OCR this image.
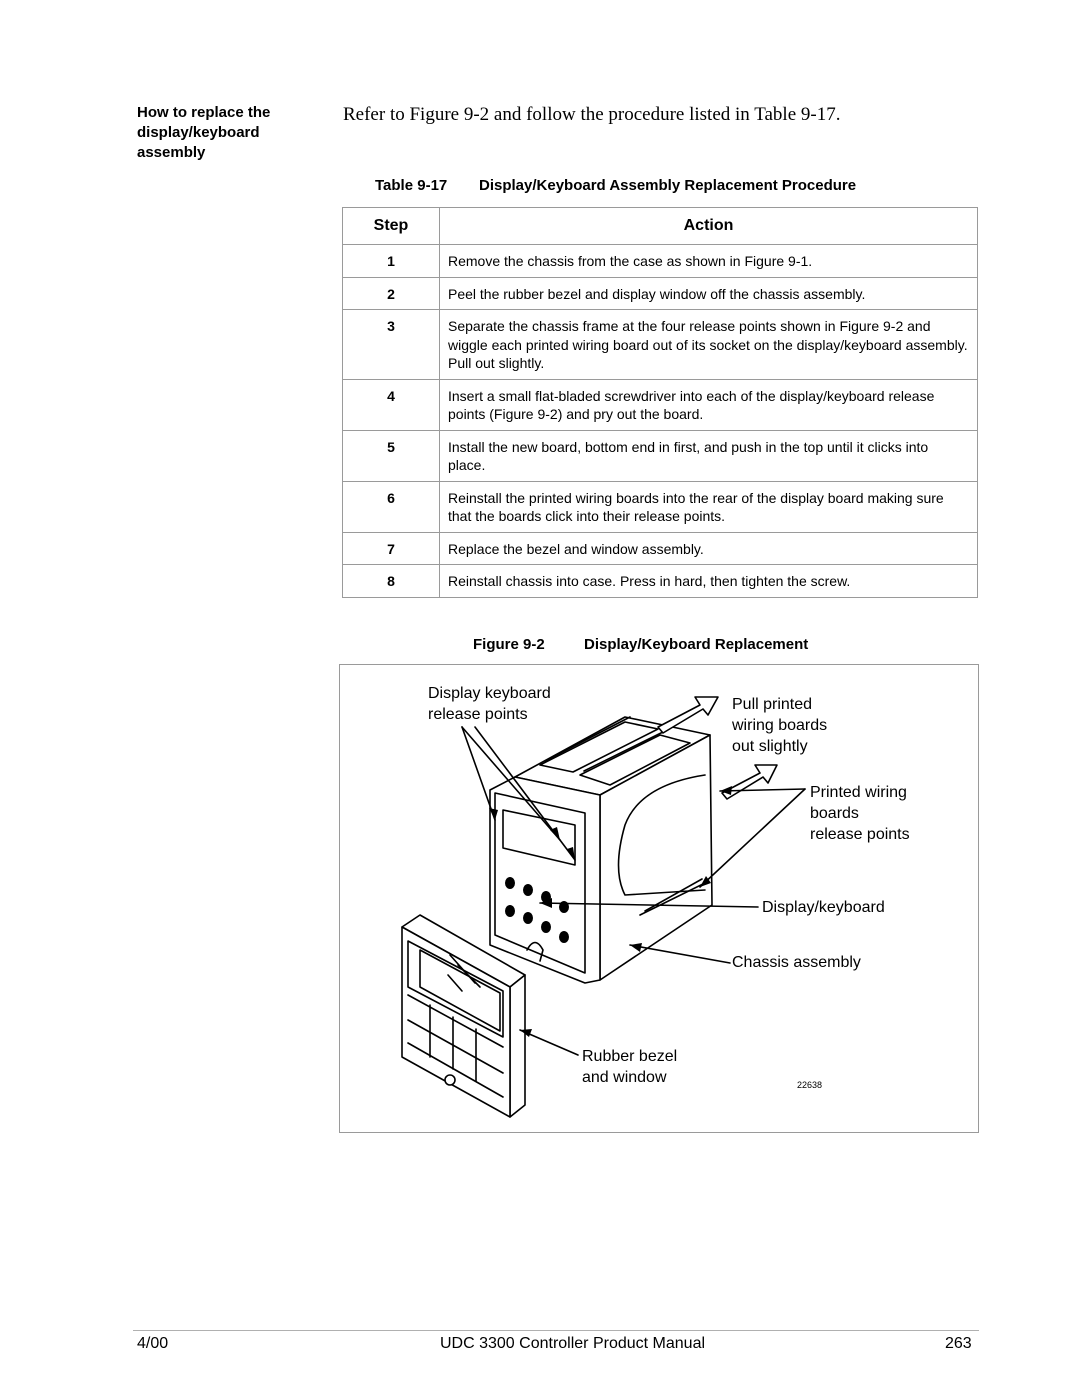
How to replace the display/keyboard assembly
Refer to Figure 9-2 and follow the procedure listed in Table 9-17.
Table 9-17	Display/Keyboard Assembly Replacement Procedure
Step	Action
1	Remove the chassis from the case as shown in Figure 9-1.
2	Peel the rubber bezel and display window off the chassis assembly.
3	Separate the chassis frame at the four release points shown in Figure 9-2 and wiggle each printed wiring board out of its socket on the display/keyboard assembly. Pull out slightly.
4	Insert a small flat-bladed screwdriver into each of the display/keyboard release points (Figure 9-2) and pry out the board.
5	Install the new board, bottom end in first, and push in the top until it clicks into place.
6	Reinstall the printed wiring boards into the rear of the display board making sure that the boards click into their release points.
7	Replace the bezel and window assembly.
8	Reinstall chassis into case. Press in hard, then tighten the screw.
Figure 9-2	Display/Keyboard Replacement
Display keyboard
release points
Pull printed
wiring boards
out slightly
Printed wiring
boards
release points
Display/keyboard
Chassis assembly
Rubber bezel
and window	22638
4/00	UDC 3300 Controller Product Manual	263
